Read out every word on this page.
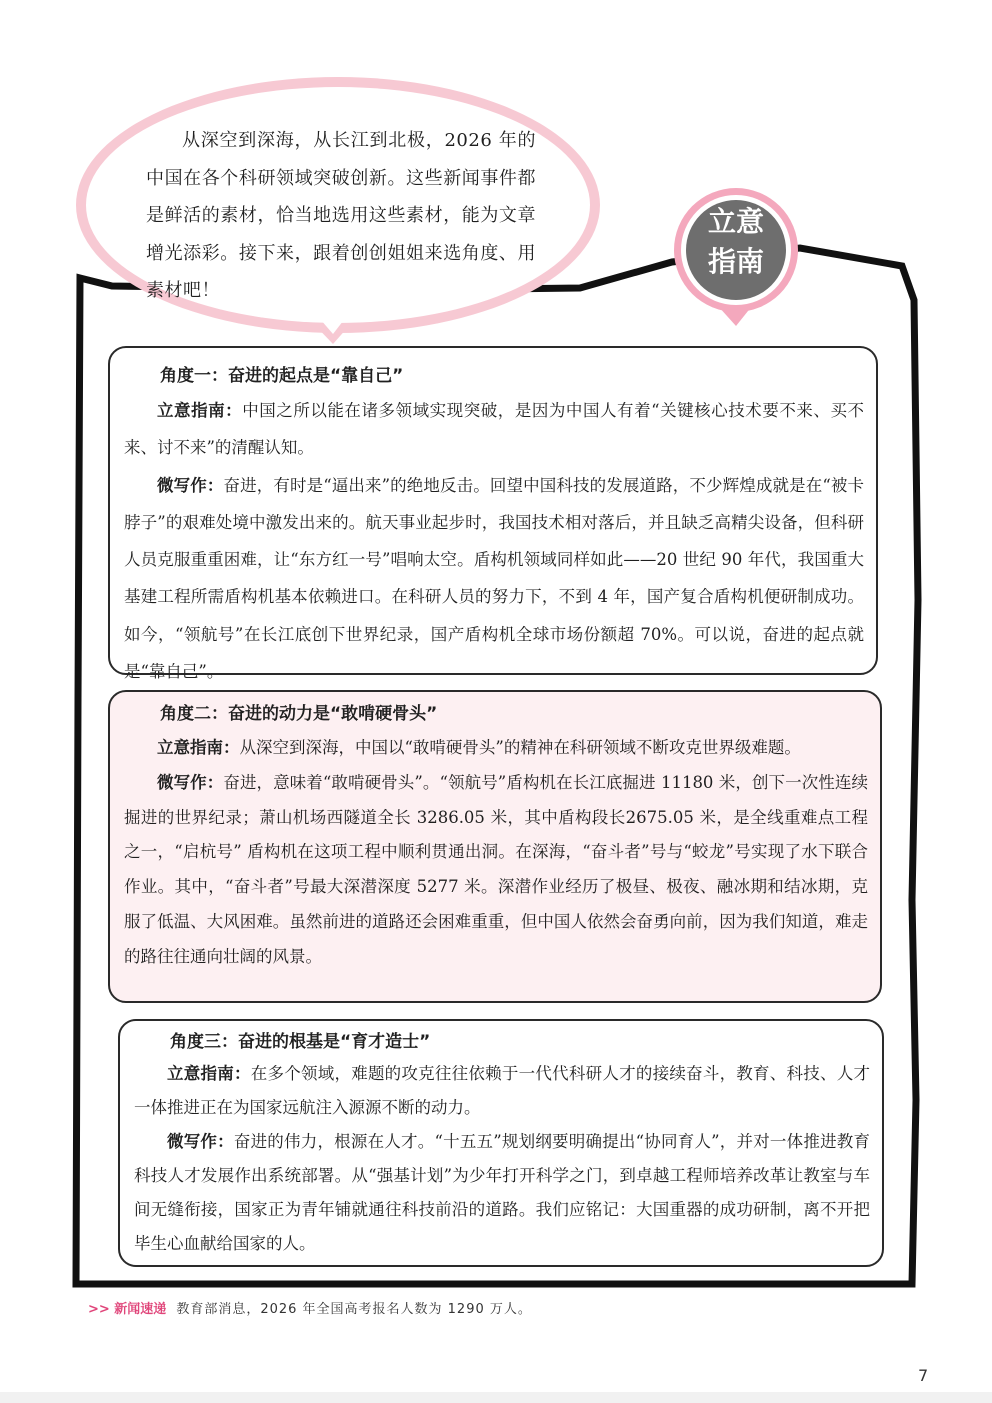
从深空到深海，从长江到北极，2026 年的中国在各个科研领域突破创新。这些新闻事件都是鲜活的素材，恰当地选用这些素材，能为文章增光添彩。接下来，跟着创创姐姐来选角度、用素材吧！

立意
指南
角度一：奋进的起点是“靠自己”

立意指南：中国之所以能在诸多领域实现突破，是因为中国人有着“关键核心技术要不来、买不来、讨不来”的清醒认知。

微写作：奋进，有时是“逼出来”的绝地反击。回望中国科技的发展道路，不少辉煌成就是在“被卡脖子”的艰难处境中激发出来的。航天事业起步时，我国技术相对落后，并且缺乏高精尖设备，但科研人员克服重重困难，让“东方红一号”唱响太空。盾构机领域同样如此——20 世纪 90 年代，我国重大基建工程所需盾构机基本依赖进口。在科研人员的努力下，不到 4 年，国产复合盾构机便研制成功。如今，“领航号”在长江底创下世界纪录，国产盾构机全球市场份额超 70%。可以说，奋进的起点就是“靠自己”。

角度二：奋进的动力是“敢啃硬骨头”

立意指南：从深空到深海，中国以“敢啃硬骨头”的精神在科研领域不断攻克世界级难题。

微写作：奋进，意味着“敢啃硬骨头”。“领航号”盾构机在长江底掘进 11180 米，创下一次性连续掘进的世界纪录；萧山机场西隧道全长 3286.05 米，其中盾构段长2675.05 米，是全线重难点工程之一，“启杭号” 盾构机在这项工程中顺利贯通出洞。在深海，“奋斗者”号与“蛟龙”号实现了水下联合作业。其中，“奋斗者”号最大深潜深度 5277 米。深潜作业经历了极昼、极夜、融冰期和结冰期，克服了低温、大风困难。虽然前进的道路还会困难重重，但中国人依然会奋勇向前，因为我们知道，难走的路往往通向壮阔的风景。

角度三：奋进的根基是“育才造士”

立意指南：在多个领域，难题的攻克往往依赖于一代代科研人才的接续奋斗，教育、科技、人才一体推进正在为国家远航注入源源不断的动力。

微写作：奋进的伟力，根源在人才。“十五五”规划纲要明确提出“协同育人”，并对一体推进教育科技人才发展作出系统部署。从“强基计划”为少年打开科学之门，到卓越工程师培养改革让教室与车间无缝衔接，国家正为青年铺就通往科技前沿的道路。我们应铭记：大国重器的成功研制，离不开把毕生心血献给国家的人。

>> 新闻速递 教育部消息，2026 年全国高考报名人数为 1290 万人。
7
